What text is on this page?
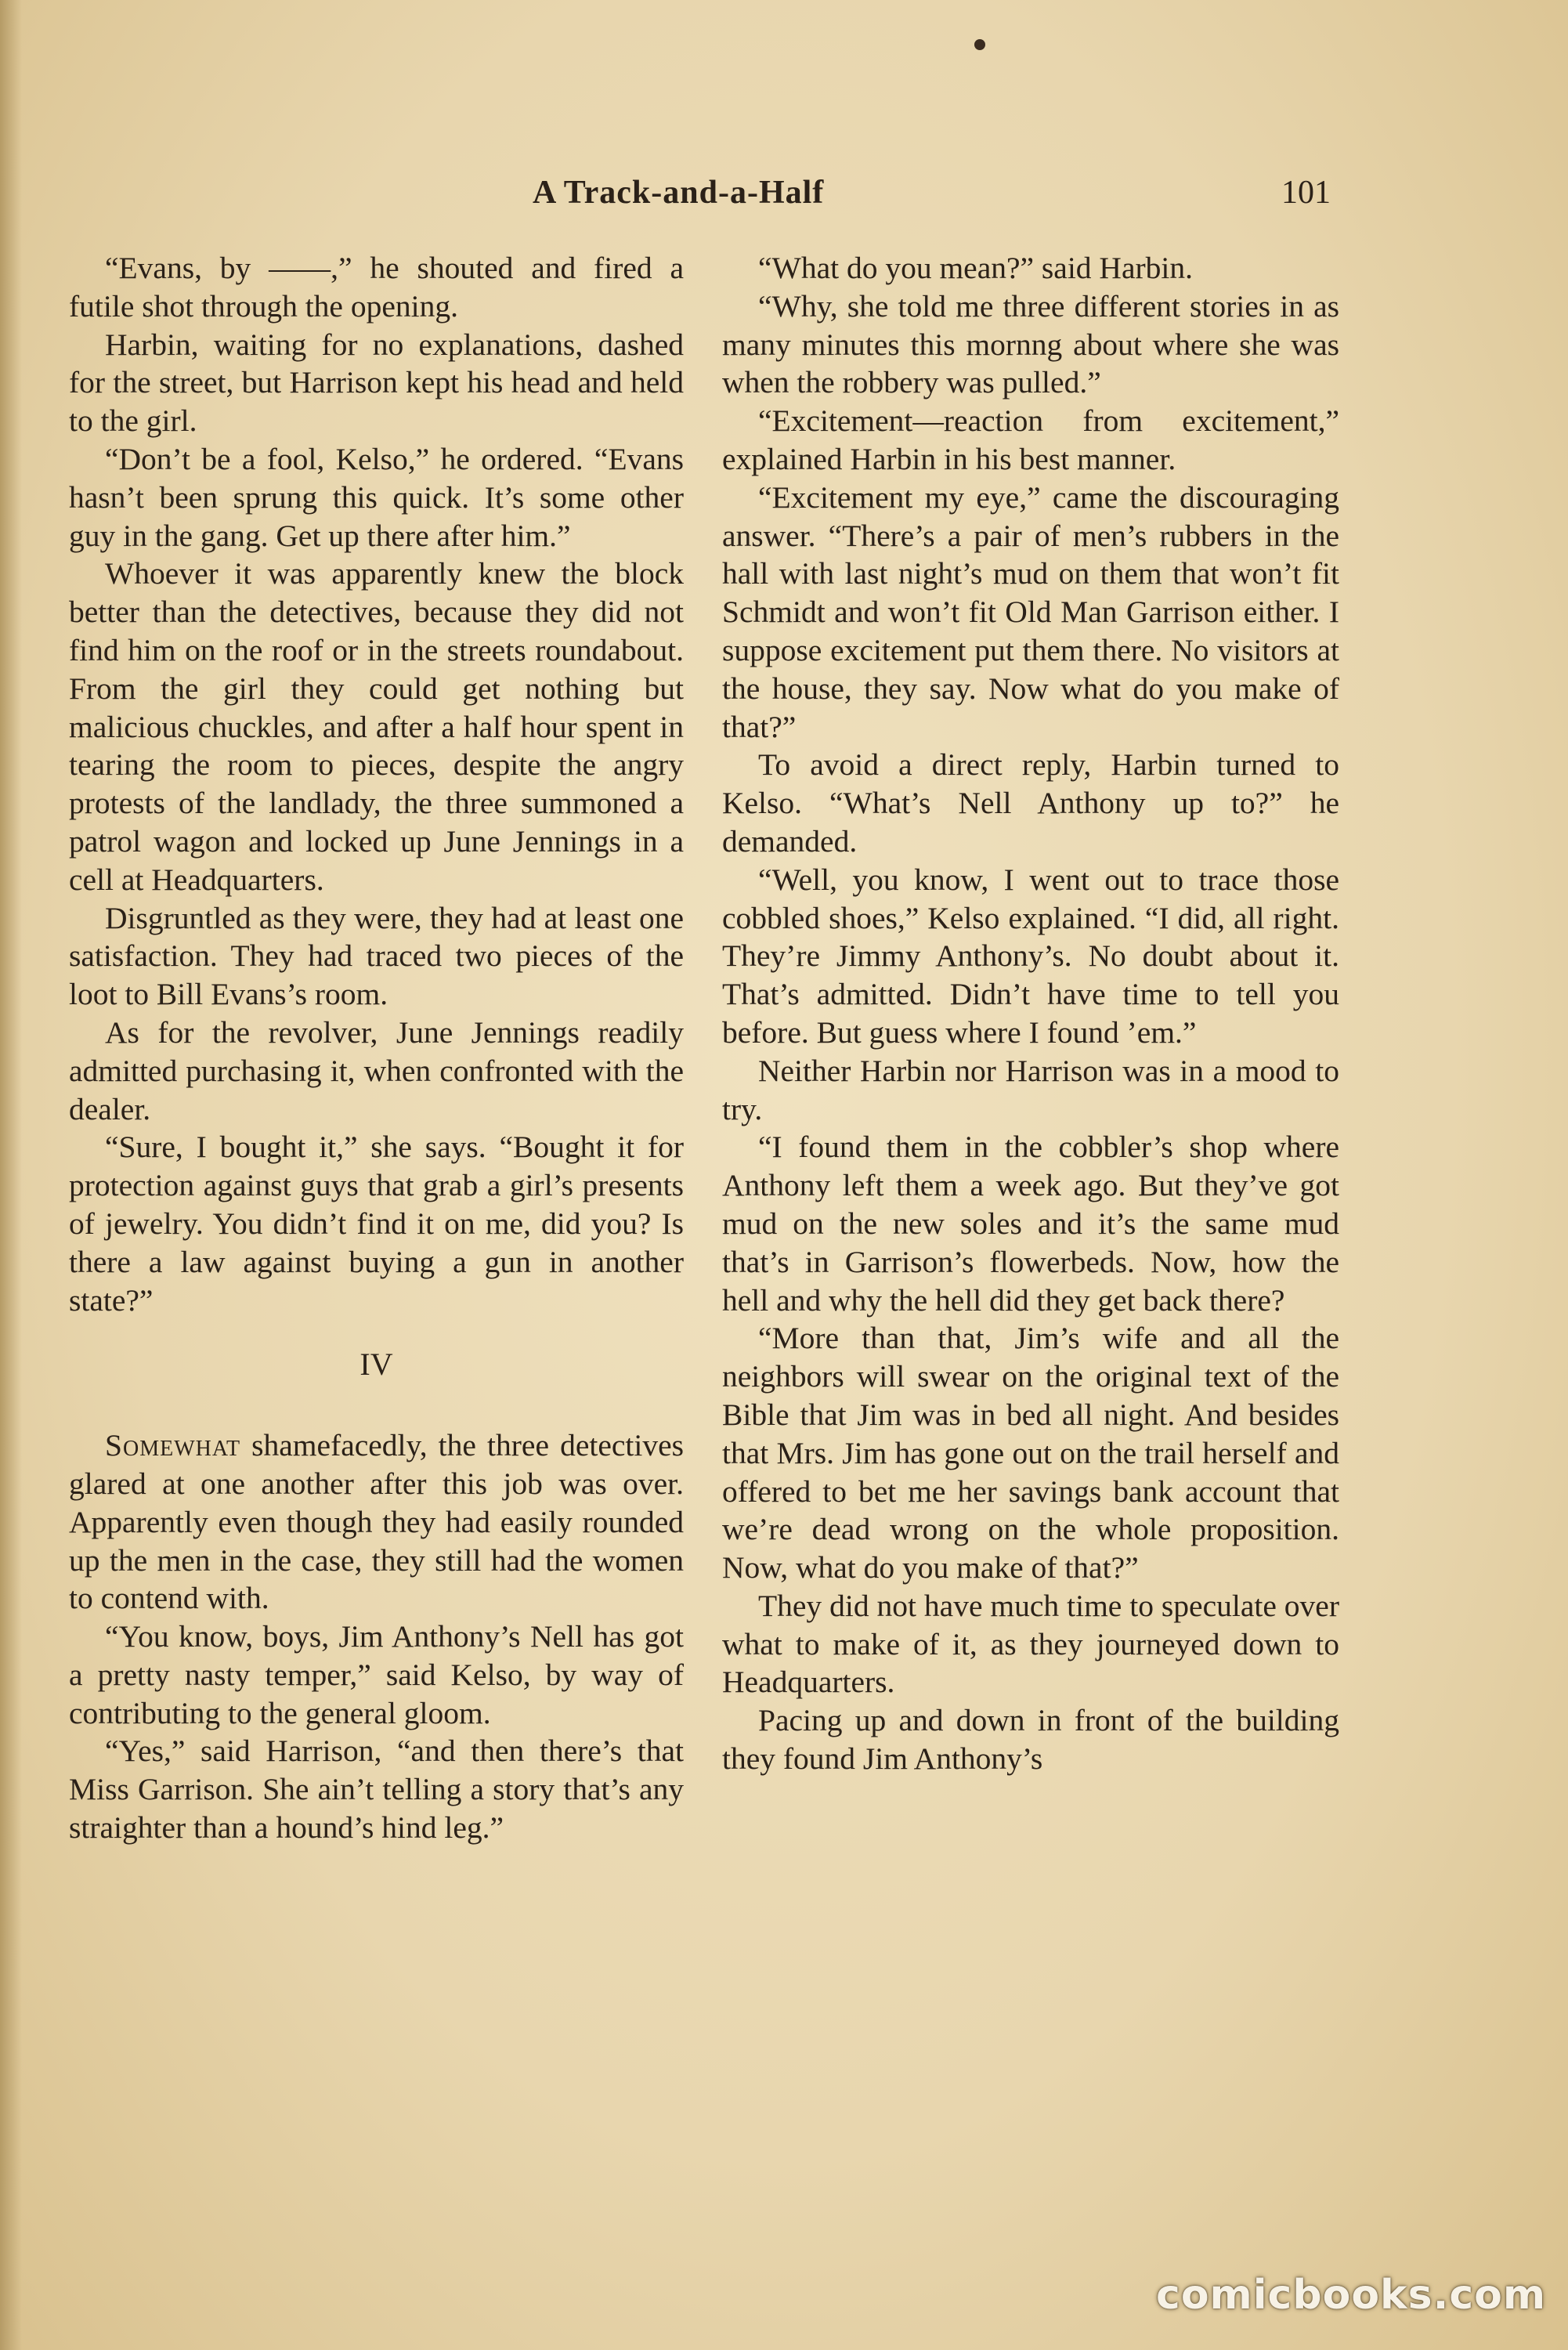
A Track-and-a-Half	101

“Evans, by ——,” he shouted and fired a futile shot through the opening.

Harbin, waiting for no explanations, dashed for the street, but Harrison kept his head and held to the girl.

“Don’t be a fool, Kelso,” he ordered. “Evans hasn’t been sprung this quick. It’s some other guy in the gang. Get up there after him.”

Whoever it was apparently knew the block better than the detectives, because they did not find him on the roof or in the streets roundabout. From the girl they could get nothing but malicious chuckles, and after a half hour spent in tearing the room to pieces, despite the angry protests of the landlady, the three summoned a patrol wagon and locked up June Jennings in a cell at Headquarters.

Disgruntled as they were, they had at least one satisfaction. They had traced two pieces of the loot to Bill Evans’s room.

As for the revolver, June Jennings readily admitted purchasing it, when confronted with the dealer.

“Sure, I bought it,” she says. “Bought it for protection against guys that grab a girl’s presents of jewelry. You didn’t find it on me, did you? Is there a law against buying a gun in another state?”

IV

Somewhat shamefacedly, the three detectives glared at one another after this job was over. Apparently even though they had easily rounded up the men in the case, they still had the women to contend with.

“You know, boys, Jim Anthony’s Nell has got a pretty nasty temper,” said Kelso, by way of contributing to the general gloom.

“Yes,” said Harrison, “and then there’s that Miss Garrison. She ain’t telling a story that’s any straighter than a hound’s hind leg.”

“What do you mean?” said Harbin.

“Why, she told me three different stories in as many minutes this mornng about where she was when the robbery was pulled.”

“Excitement—reaction from excitement,” explained Harbin in his best manner.

“Excitement my eye,” came the discouraging answer. “There’s a pair of men’s rubbers in the hall with last night’s mud on them that won’t fit Schmidt and won’t fit Old Man Garrison either. I suppose excitement put them there. No visitors at the house, they say. Now what do you make of that?”

To avoid a direct reply, Harbin turned to Kelso. “What’s Nell Anthony up to?” he demanded.

“Well, you know, I went out to trace those cobbled shoes,” Kelso explained. “I did, all right. They’re Jimmy Anthony’s. No doubt about it. That’s admitted. Didn’t have time to tell you before. But guess where I found ’em.”

Neither Harbin nor Harrison was in a mood to try.

“I found them in the cobbler’s shop where Anthony left them a week ago. But they’ve got mud on the new soles and it’s the same mud that’s in Garrison’s flowerbeds. Now, how the hell and why the hell did they get back there?

“More than that, Jim’s wife and all the neighbors will swear on the original text of the Bible that Jim was in bed all night. And besides that Mrs. Jim has gone out on the trail herself and offered to bet me her savings bank account that we’re dead wrong on the whole proposition. Now, what do you make of that?”

They did not have much time to speculate over what to make of it, as they journeyed down to Headquarters.

Pacing up and down in front of the building they found Jim Anthony’s

comicbooks.com
